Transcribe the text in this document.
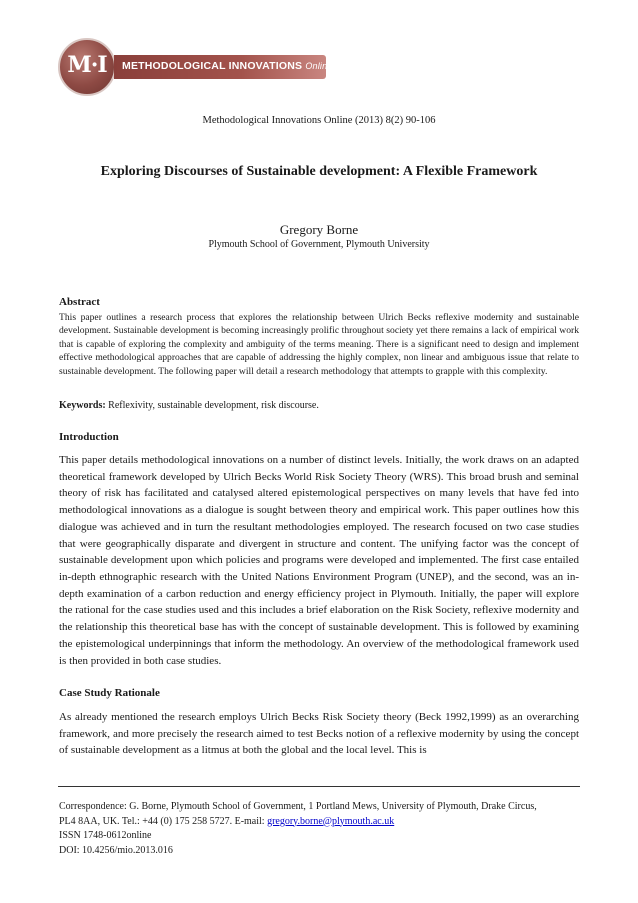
M·I	METHODOLOGICAL INNOVATIONS Online
Methodological Innovations Online (2013) 8(2) 90-106
Exploring Discourses of Sustainable development: A Flexible Framework
Gregory Borne
Plymouth School of Government, Plymouth University

Abstract

This paper outlines a research process that explores the relationship between Ulrich Becks reflexive modernity and sustainable development. Sustainable development is becoming increasingly prolific throughout society yet there remains a lack of empirical work that is capable of exploring the complexity and ambiguity of the terms meaning. There is a significant need to design and implement effective methodological approaches that are capable of addressing the highly complex, non linear and ambiguous issue that relate to sustainable development. The following paper will detail a research methodology that attempts to grapple with this complexity.

Keywords: Reflexivity, sustainable development, risk discourse.

Introduction

This paper details methodological innovations on a number of distinct levels. Initially, the work draws on an adapted theoretical framework developed by Ulrich Becks World Risk Society Theory (WRS). This broad brush and seminal theory of risk has facilitated and catalysed altered epistemological perspectives on many levels that have fed into methodological innovations as a dialogue is sought between theory and empirical work. This paper outlines how this dialogue was achieved and in turn the resultant methodologies employed. The research focused on two case studies that were geographically disparate and divergent in structure and content. The unifying factor was the concept of sustainable development upon which policies and programs were developed and implemented. The first case entailed in-depth ethnographic research with the United Nations Environment Program (UNEP), and the second, was an in-depth examination of a carbon reduction and energy efficiency project in Plymouth. Initially, the paper will explore the rational for the case studies used and this includes a brief elaboration on the Risk Society, reflexive modernity and the relationship this theoretical base has with the concept of sustainable development. This is followed by examining the epistemological underpinnings that inform the methodology. An overview of the methodological framework used is then provided in both case studies.

Case Study Rationale

As already mentioned the research employs Ulrich Becks Risk Society theory (Beck 1992,1999) as an overarching framework, and more precisely the research aimed to test Becks notion of a reflexive modernity by using the concept of sustainable development as a litmus at both the global and the local level. This is

Correspondence: G. Borne, Plymouth School of Government, 1 Portland Mews, University of Plymouth, Drake Circus,
PL4 8AA, UK. Tel.: +44 (0) 175 258 5727. E-mail: gregory.borne@plymouth.ac.uk
ISSN 1748-0612online
DOI: 10.4256/mio.2013.016
